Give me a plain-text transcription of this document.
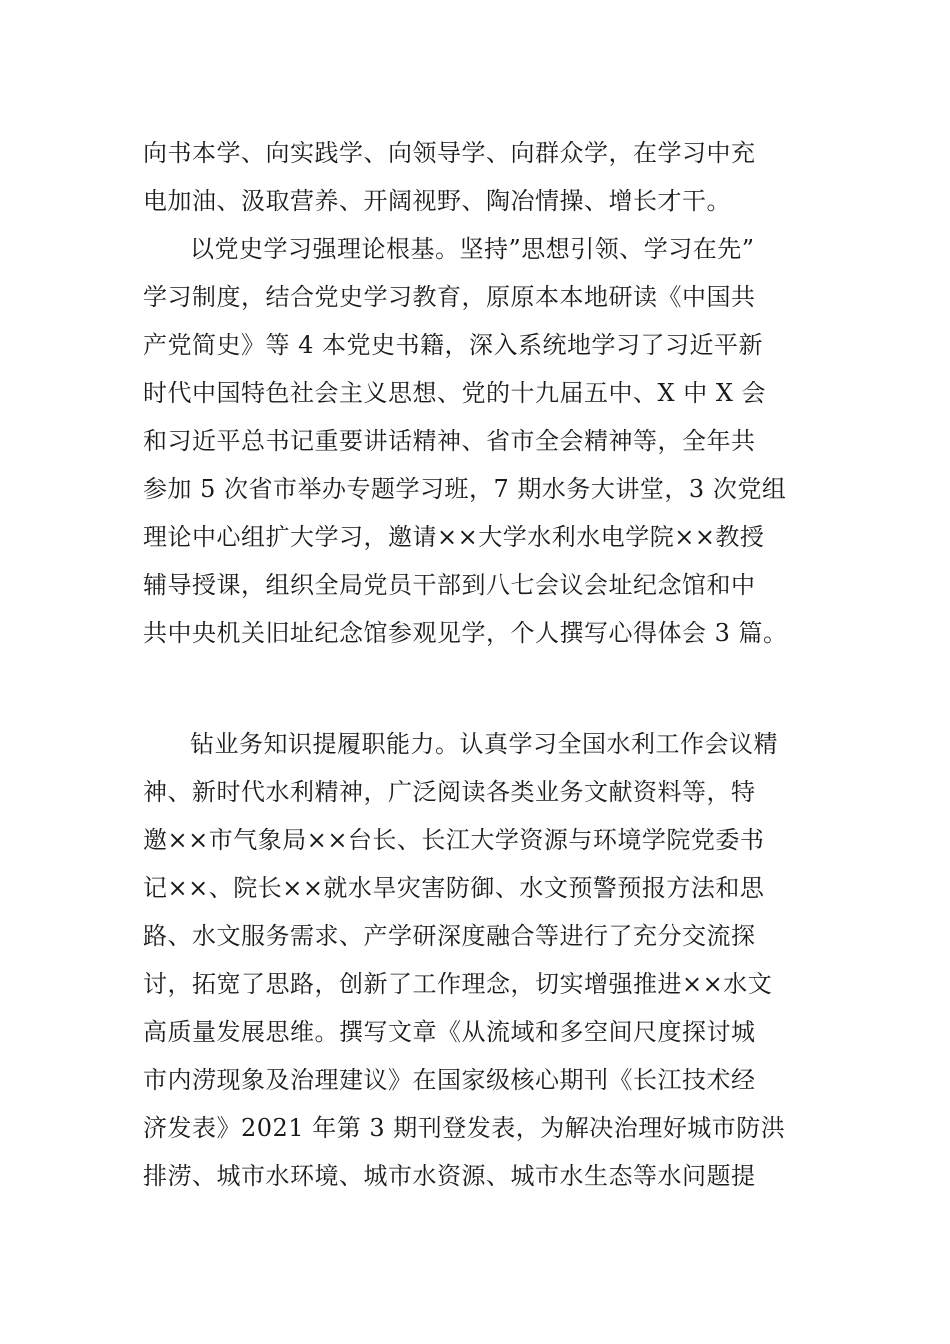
向书本学、向实践学、向领导学、向群众学，在学习中充
电加油、汲取营养、开阔视野、陶冶情操、增长才干。
以党史学习强理论根基。坚持”思想引领、学习在先”
学习制度，结合党史学习教育，原原本本地研读《中国共
产党简史》等 4 本党史书籍，深入系统地学习了习近平新
时代中国特色社会主义思想、党的十九届五中、X 中 X 会
和习近平总书记重要讲话精神、省市全会精神等，全年共
参加 5 次省市举办专题学习班，7 期水务大讲堂，3 次党组
理论中心组扩大学习，邀请××大学水利水电学院××教授
辅导授课，组织全局党员干部到八七会议会址纪念馆和中
共中央机关旧址纪念馆参观见学，个人撰写心得体会 3 篇。
钻业务知识提履职能力。认真学习全国水利工作会议精
神、新时代水利精神，广泛阅读各类业务文献资料等，特
邀××市气象局××台长、长江大学资源与环境学院党委书
记××、院长××就水旱灾害防御、水文预警预报方法和思
路、水文服务需求、产学研深度融合等进行了充分交流探
讨，拓宽了思路，创新了工作理念，切实增强推进××水文
高质量发展思维。撰写文章《从流域和多空间尺度探讨城
市内涝现象及治理建议》在国家级核心期刊《长江技术经
济发表》2021 年第 3 期刊登发表，为解决治理好城市防洪
排涝、城市水环境、城市水资源、城市水生态等水问题提
